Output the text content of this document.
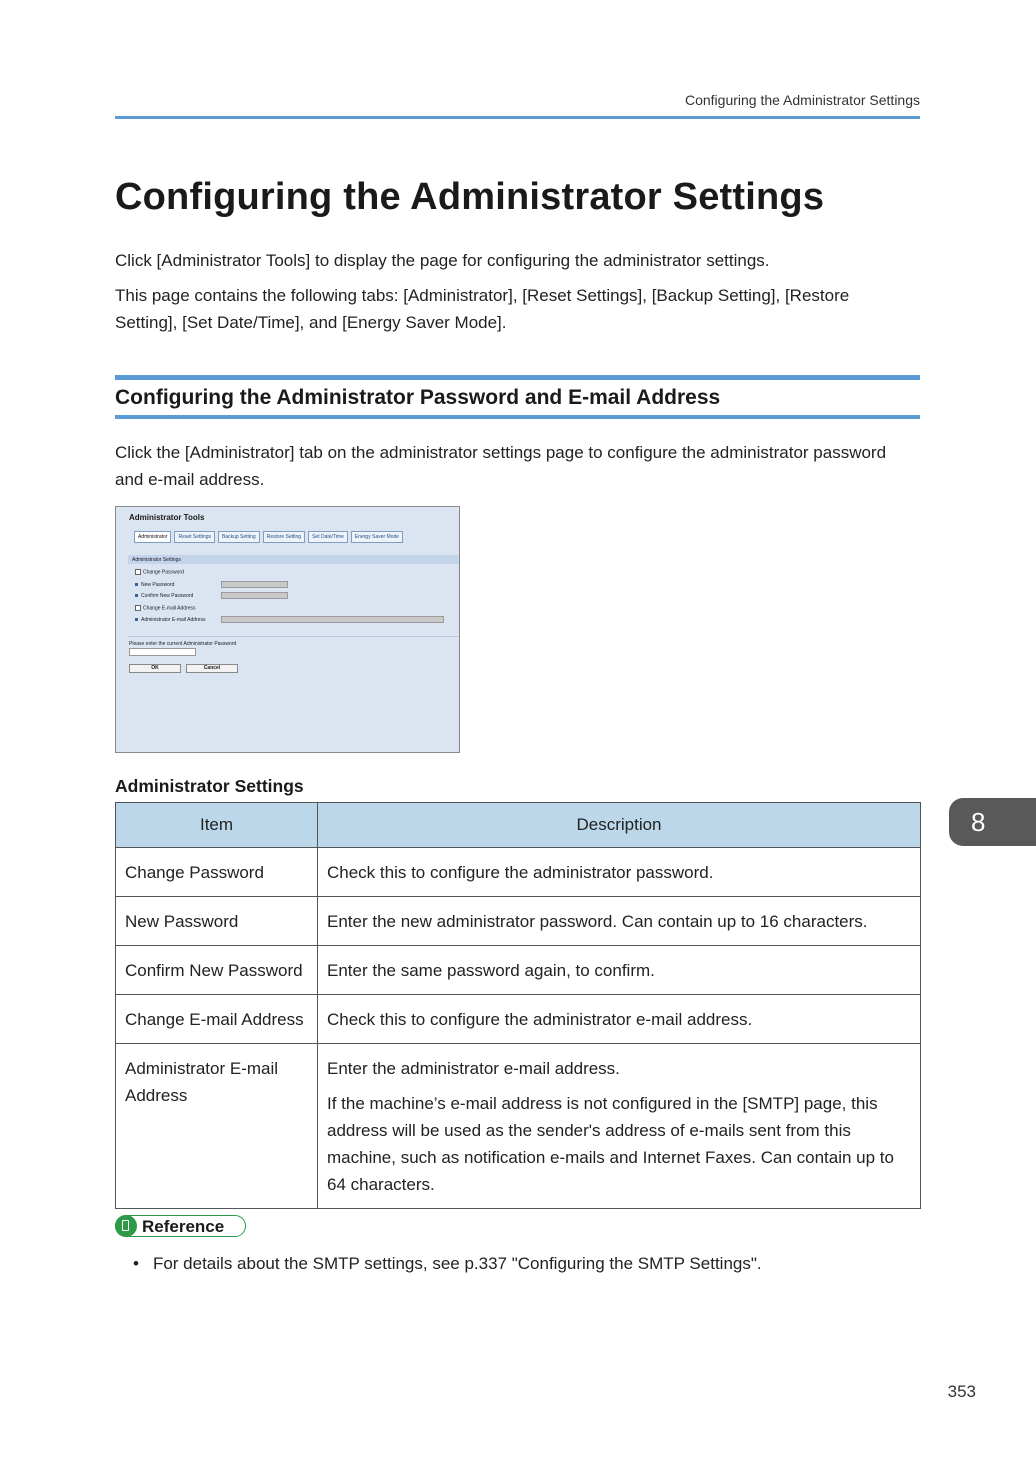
Configuring the Administrator Settings
Configuring the Administrator Settings

Click [Administrator Tools] to display the page for configuring the administrator settings.

This page contains the following tabs: [Administrator], [Reset Settings], [Backup Setting], [Restore Setting], [Set Date/Time], and [Energy Saver Mode].

Configuring the Administrator Password and E-mail Address

Click the [Administrator] tab on the administrator settings page to configure the administrator password and e-mail address.

Administrator Tools
Administrator	Reset Settings	Backup Setting	Restore Setting	Set Date/Time	Energy Saver Mode
Administrator Settings
Change Password
New Password
Confirm New Password
Change E-mail Address
Administrator E-mail Address
Please enter the current Administrator Password
OK	Cancel
Administrator Settings
Item	Description
Change Password	Check this to configure the administrator password.

New Password	Enter the new administrator password. Can contain up to 16 characters.

Confirm New Password	Enter the same password again, to confirm.

Change E-mail Address	Check this to configure the administrator e-mail address.

Administrator E-mail Address	Enter the administrator e-mail address.

If the machine’s e-mail address is not configured in the [SMTP] page, this address will be used as the sender's address of e-mails sent from this machine, such as notification e-mails and Internet Faxes. Can contain up to 64 characters.

Reference
• For details about the SMTP settings, see p.337 "Configuring the SMTP Settings".
8
353
